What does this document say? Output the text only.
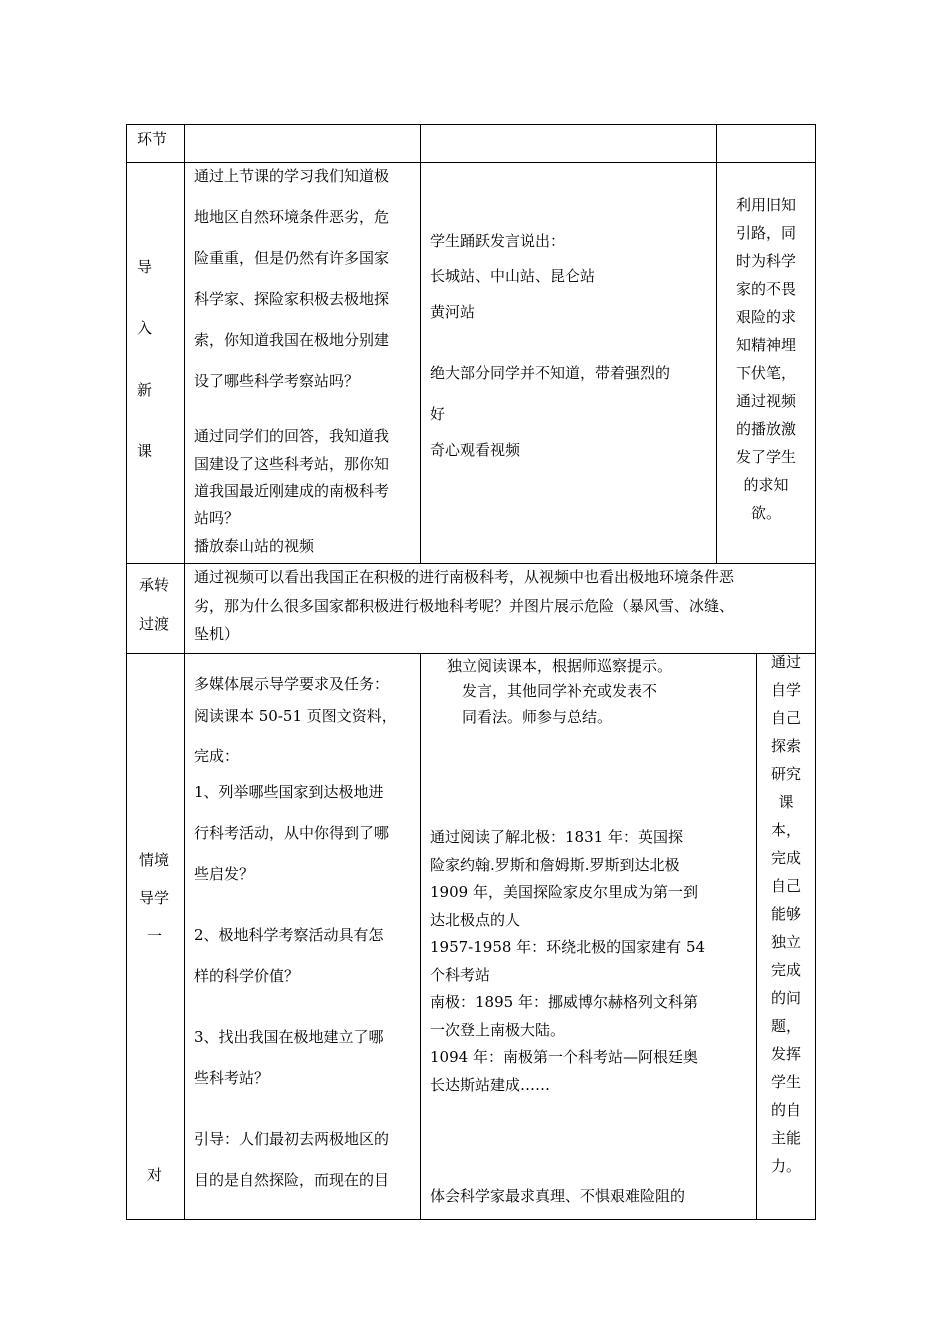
环节
导
入
新
课
通过上节课的学习我们知道极
地地区自然环境条件恶劣，危
险重重，但是仍然有许多国家
科学家、探险家积极去极地探
索，你知道我国在极地分别建
设了哪些科学考察站吗？
通过同学们的回答，我知道我
国建设了这些科考站，那你知
道我国最近刚建成的南极科考
站吗？
播放泰山站的视频
学生踊跃发言说出：
长城站、中山站、昆仑站
黄河站
绝大部分同学并不知道，带着强烈的
好
奇心观看视频
利用旧知
引路，同
时为科学
家的不畏
艰险的求
知精神埋
下伏笔，
通过视频
的播放激
发了学生
的求知
欲。
承转
过渡
通过视频可以看出我国正在积极的进行南极科考，从视频中也看出极地环境条件恶
劣，那为什么很多国家都积极进行极地科考呢？并图片展示危险（暴风雪、冰缝、
坠机）
情境
导学
一
对
多媒体展示导学要求及任务：
阅读课本 50-51 页图文资料，
完成：
1、列举哪些国家到达极地进
行科考活动，从中你得到了哪
些启发？
2、极地科学考察活动具有怎
样的科学价值？
3、找出我国在极地建立了哪
些科考站？
引导：人们最初去两极地区的
目的是自然探险，而现在的目
独立阅读课本，根据师巡察提示。
发言，其他同学补充或发表不
同看法。师参与总结。
通过阅读了解北极：1831 年：英国探
险家约翰.罗斯和詹姆斯.罗斯到达北极
1909 年，美国探险家皮尔里成为第一到
达北极点的人
1957-1958 年：环绕北极的国家建有 54
个科考站
南极：1895 年：挪威博尔赫格列文科第
一次登上南极大陆。
1094 年：南极第一个科考站—阿根廷奥
长达斯站建成……
体会科学家最求真理、不惧艰难险阻的
通过
自学
自己
探索
研究
课
本，
完成
自己
能够
独立
完成
的问
题，
发挥
学生
的自
主能
力。
